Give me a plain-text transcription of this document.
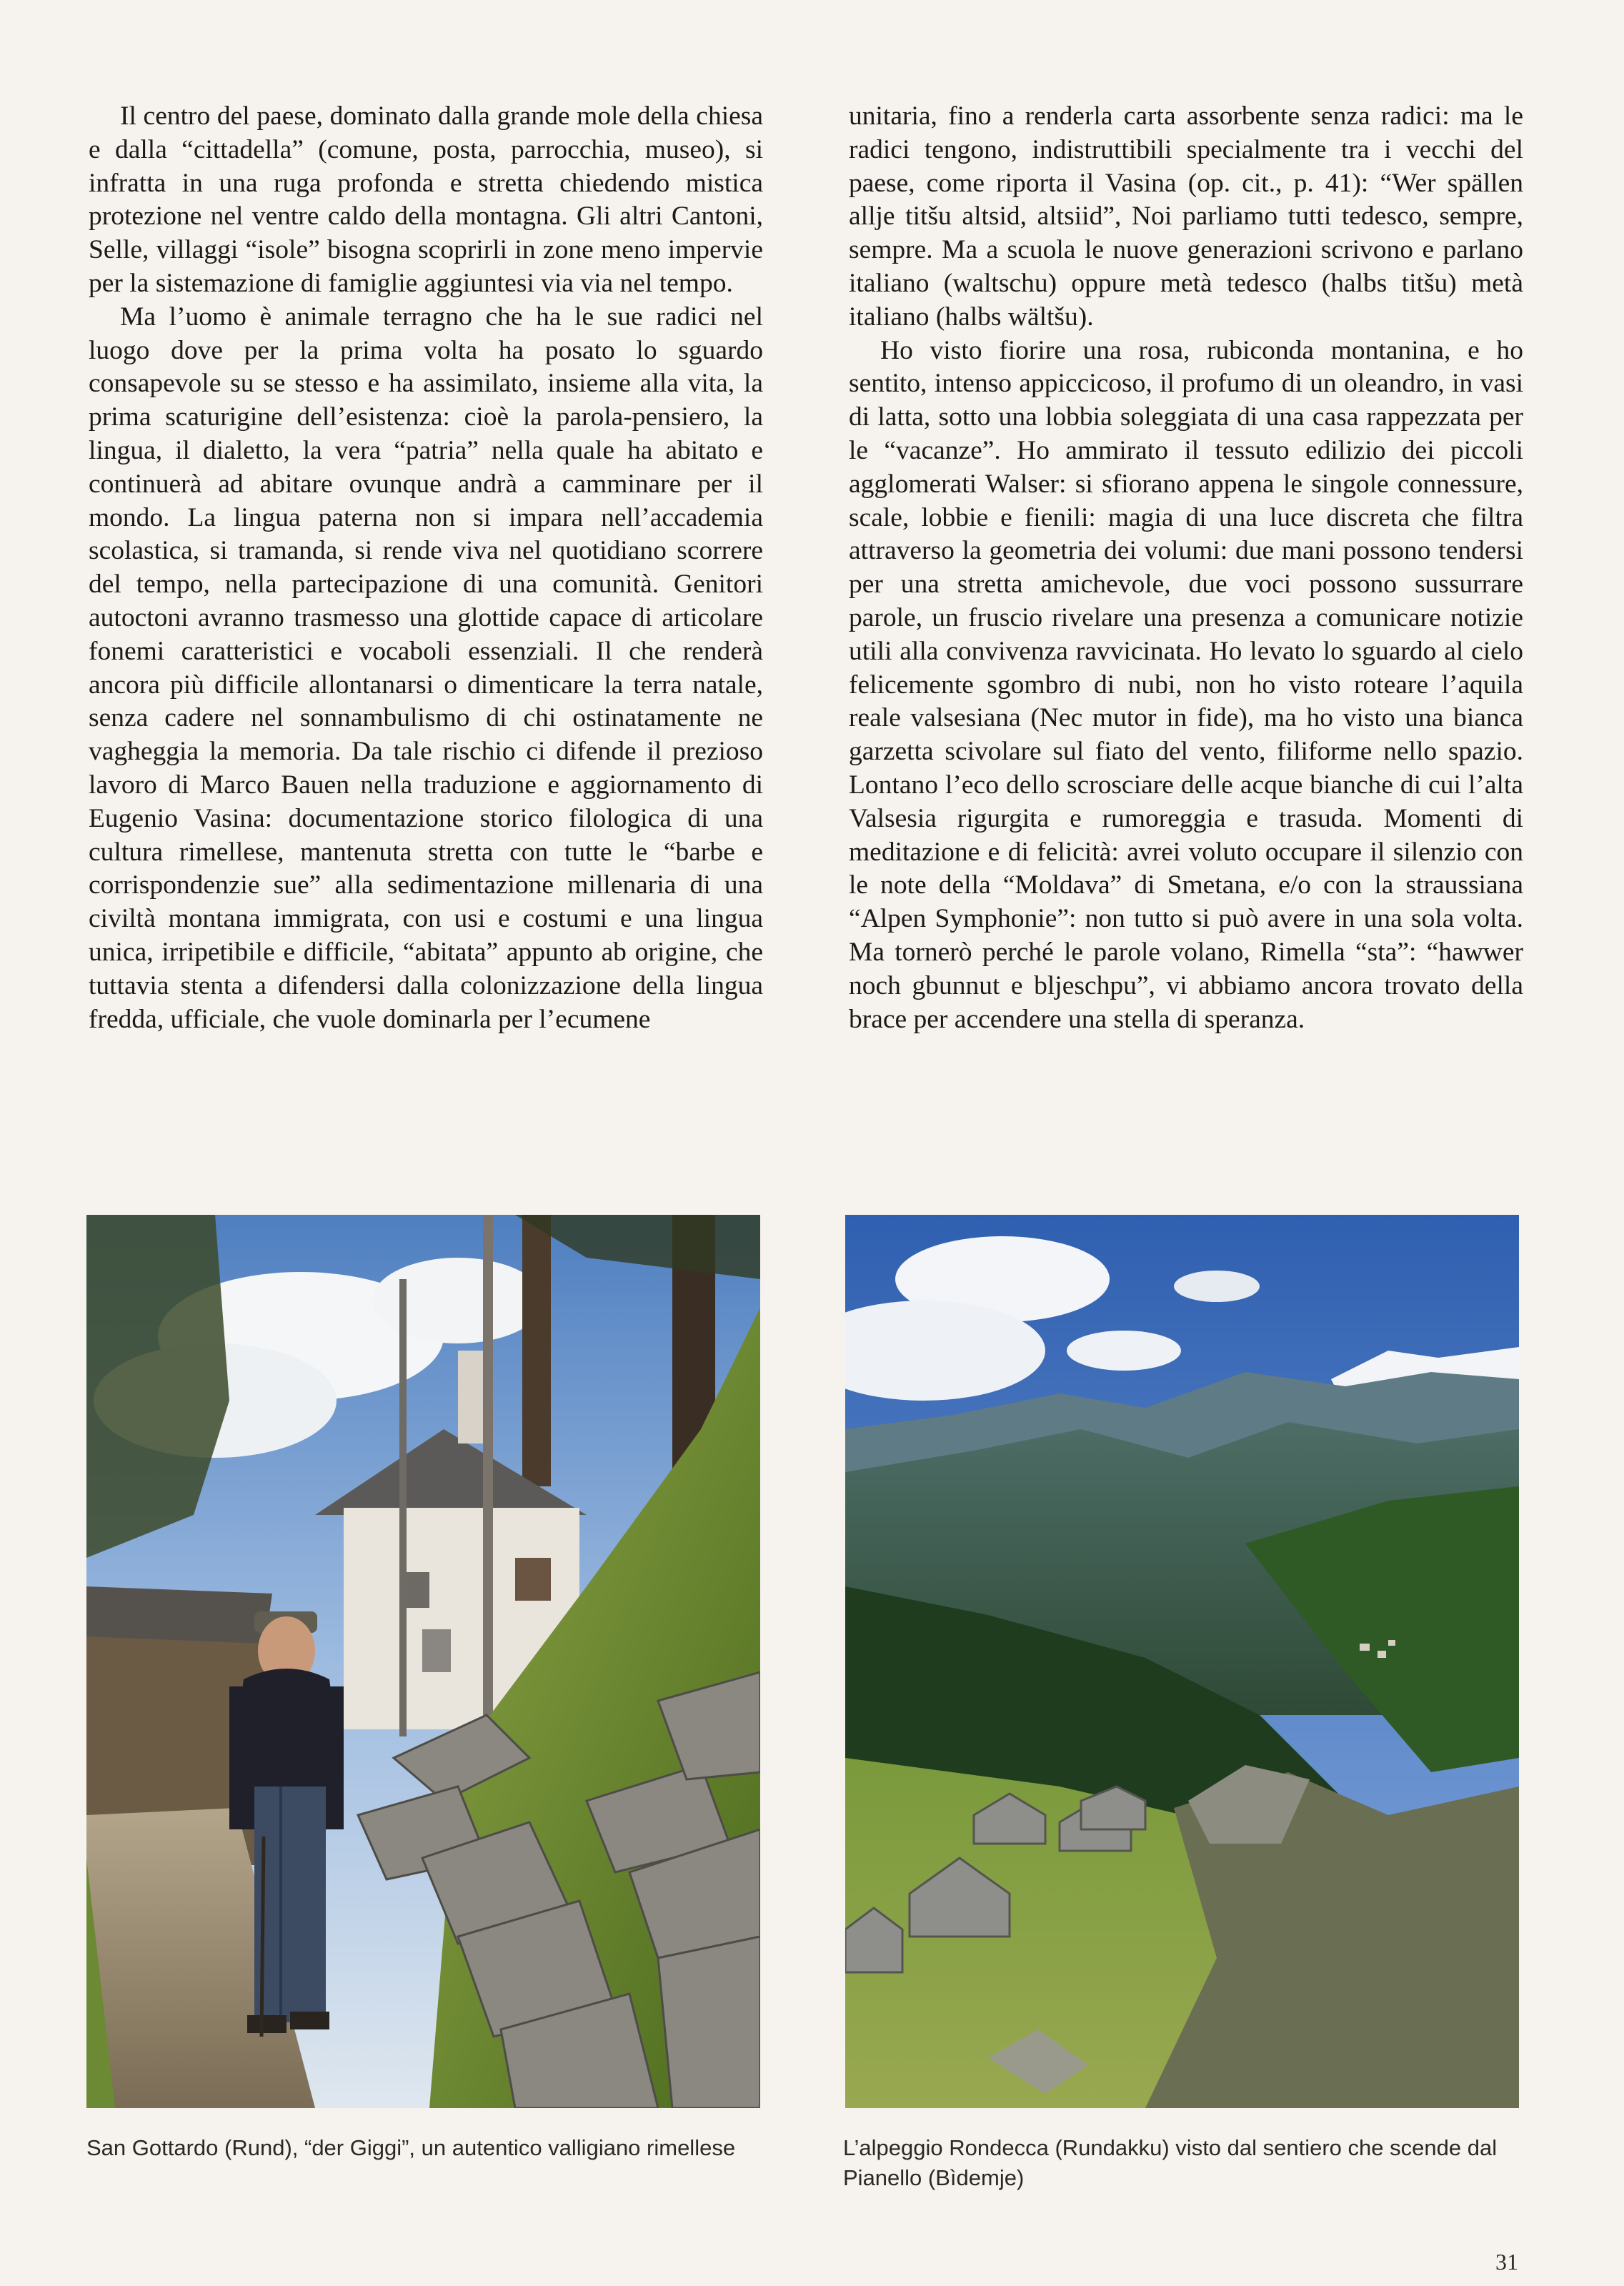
Il centro del paese, dominato dalla grande mole della chiesa e dalla “cittadella” (comune, posta, parrocchia, museo), si infratta in una ruga profonda e stretta chiedendo mistica protezione nel ventre caldo della montagna. Gli altri Cantoni, Selle, villaggi “isole” bisogna scoprirli in zone meno impervie per la sistemazione di famiglie aggiuntesi via via nel tempo.

Ma l’uomo è animale terragno che ha le sue radici nel luogo dove per la prima volta ha posato lo sguardo consapevole su se stesso e ha assimilato, insieme alla vita, la prima scaturigine dell’esistenza: cioè la parola-pensiero, la lingua, il dialetto, la vera “patria” nella quale ha abitato e continuerà ad abitare ovunque andrà a camminare per il mondo. La lingua paterna non si impara nell’accademia scolastica, si tramanda, si rende viva nel quotidiano scorrere del tempo, nella partecipazione di una comunità. Genitori autoctoni avranno trasmesso una glottide capace di articolare fonemi caratteristici e vocaboli essenziali. Il che renderà ancora più difficile allontanarsi o dimenticare la terra natale, senza cadere nel sonnambulismo di chi ostinatamente ne vagheggia la memoria. Da tale rischio ci difende il prezioso lavoro di Marco Bauen nella traduzione e aggiornamento di Eugenio Vasina: documentazione storico filologica di una cultura rimellese, mantenuta stretta con tutte le “barbe e corrispondenzie sue” alla sedimentazione millenaria di una civiltà montana immigrata, con usi e costumi e una lingua unica, irripetibile e difficile, “abitata” appunto ab origine, che tuttavia stenta a difendersi dalla colonizzazione della lingua fredda, ufficiale, che vuole dominarla per l’ecumene

unitaria, fino a renderla carta assorbente senza radici: ma le radici tengono, indistruttibili specialmente tra i vecchi del paese, come riporta il Vasina (op. cit., p. 41): “Wer spällen allje titšu altsid, altsiid”, Noi parliamo tutti tedesco, sempre, sempre. Ma a scuola le nuove generazioni scrivono e parlano italiano (waltschu) oppure metà tedesco (halbs titšu) metà italiano (halbs wältšu).

Ho visto fiorire una rosa, rubiconda montanina, e ho sentito, intenso appiccicoso, il profumo di un oleandro, in vasi di latta, sotto una lobbia soleggiata di una casa rappezzata per le “vacanze”. Ho ammirato il tessuto edilizio dei piccoli agglomerati Walser: si sfiorano appena le singole connessure, scale, lobbie e fienili: magia di una luce discreta che filtra attraverso la geometria dei volumi: due mani possono tendersi per una stretta amichevole, due voci possono sussurrare parole, un fruscio rivelare una presenza a comunicare notizie utili alla convivenza ravvicinata. Ho levato lo sguardo al cielo felicemente sgombro di nubi, non ho visto roteare l’aquila reale valsesiana (Nec mutor in fide), ma ho visto una bianca garzetta scivolare sul fiato del vento, filiforme nello spazio. Lontano l’eco dello scrosciare delle acque bianche di cui l’alta Valsesia rigurgita e rumoreggia e trasuda. Momenti di meditazione e di felicità: avrei voluto occupare il silenzio con le note della “Moldava” di Smetana, e/o con la straussiana “Alpen Symphonie”: non tutto si può avere in una sola volta. Ma tornerò perché le parole volano, Rimella “sta”: “hawwer noch gbunnut e bljeschpu”, vi abbiamo ancora trovato della brace per accendere una stella di speranza.

San Gottardo (Rund), “der Giggi”, un autentico valligiano rimellese	L’alpeggio Rondecca (Rundakku) visto dal sentiero che scende dal Pianello (Bìdemje)
31
